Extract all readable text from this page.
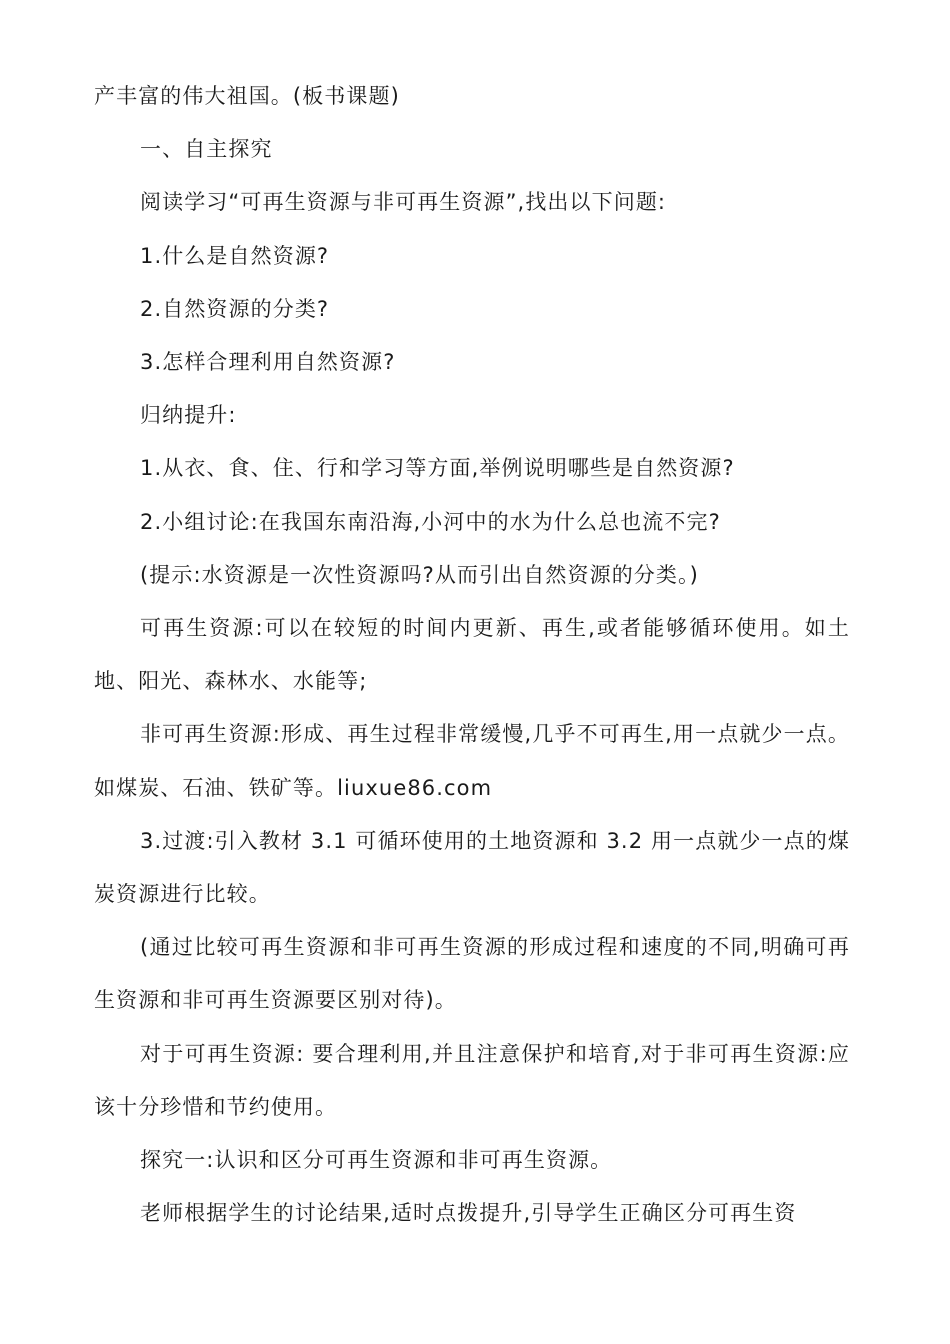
产丰富的伟大祖国。(板书课题)

一、自主探究

阅读学习“可再生资源与非可再生资源”,找出以下问题:

1.什么是自然资源?

2.自然资源的分类?

3.怎样合理利用自然资源?

归纳提升:

1.从衣、食、住、行和学习等方面,举例说明哪些是自然资源?

2.小组讨论:在我国东南沿海,小河中的水为什么总也流不完?

(提示:水资源是一次性资源吗?从而引出自然资源的分类。)

可再生资源:可以在较短的时间内更新、再生,或者能够循环使用。如土地、阳光、森林水、水能等;

非可再生资源:形成、再生过程非常缓慢,几乎不可再生,用一点就少一点。如煤炭、石油、铁矿等。liuxue86.com

3.过渡:引入教材 3.1 可循环使用的土地资源和 3.2 用一点就少一点的煤炭资源进行比较。

(通过比较可再生资源和非可再生资源的形成过程和速度的不同,明确可再生资源和非可再生资源要区别对待)。

对于可再生资源: 要合理利用,并且注意保护和培育,对于非可再生资源:应该十分珍惜和节约使用。

探究一:认识和区分可再生资源和非可再生资源。

老师根据学生的讨论结果,适时点拨提升,引导学生正确区分可再生资
